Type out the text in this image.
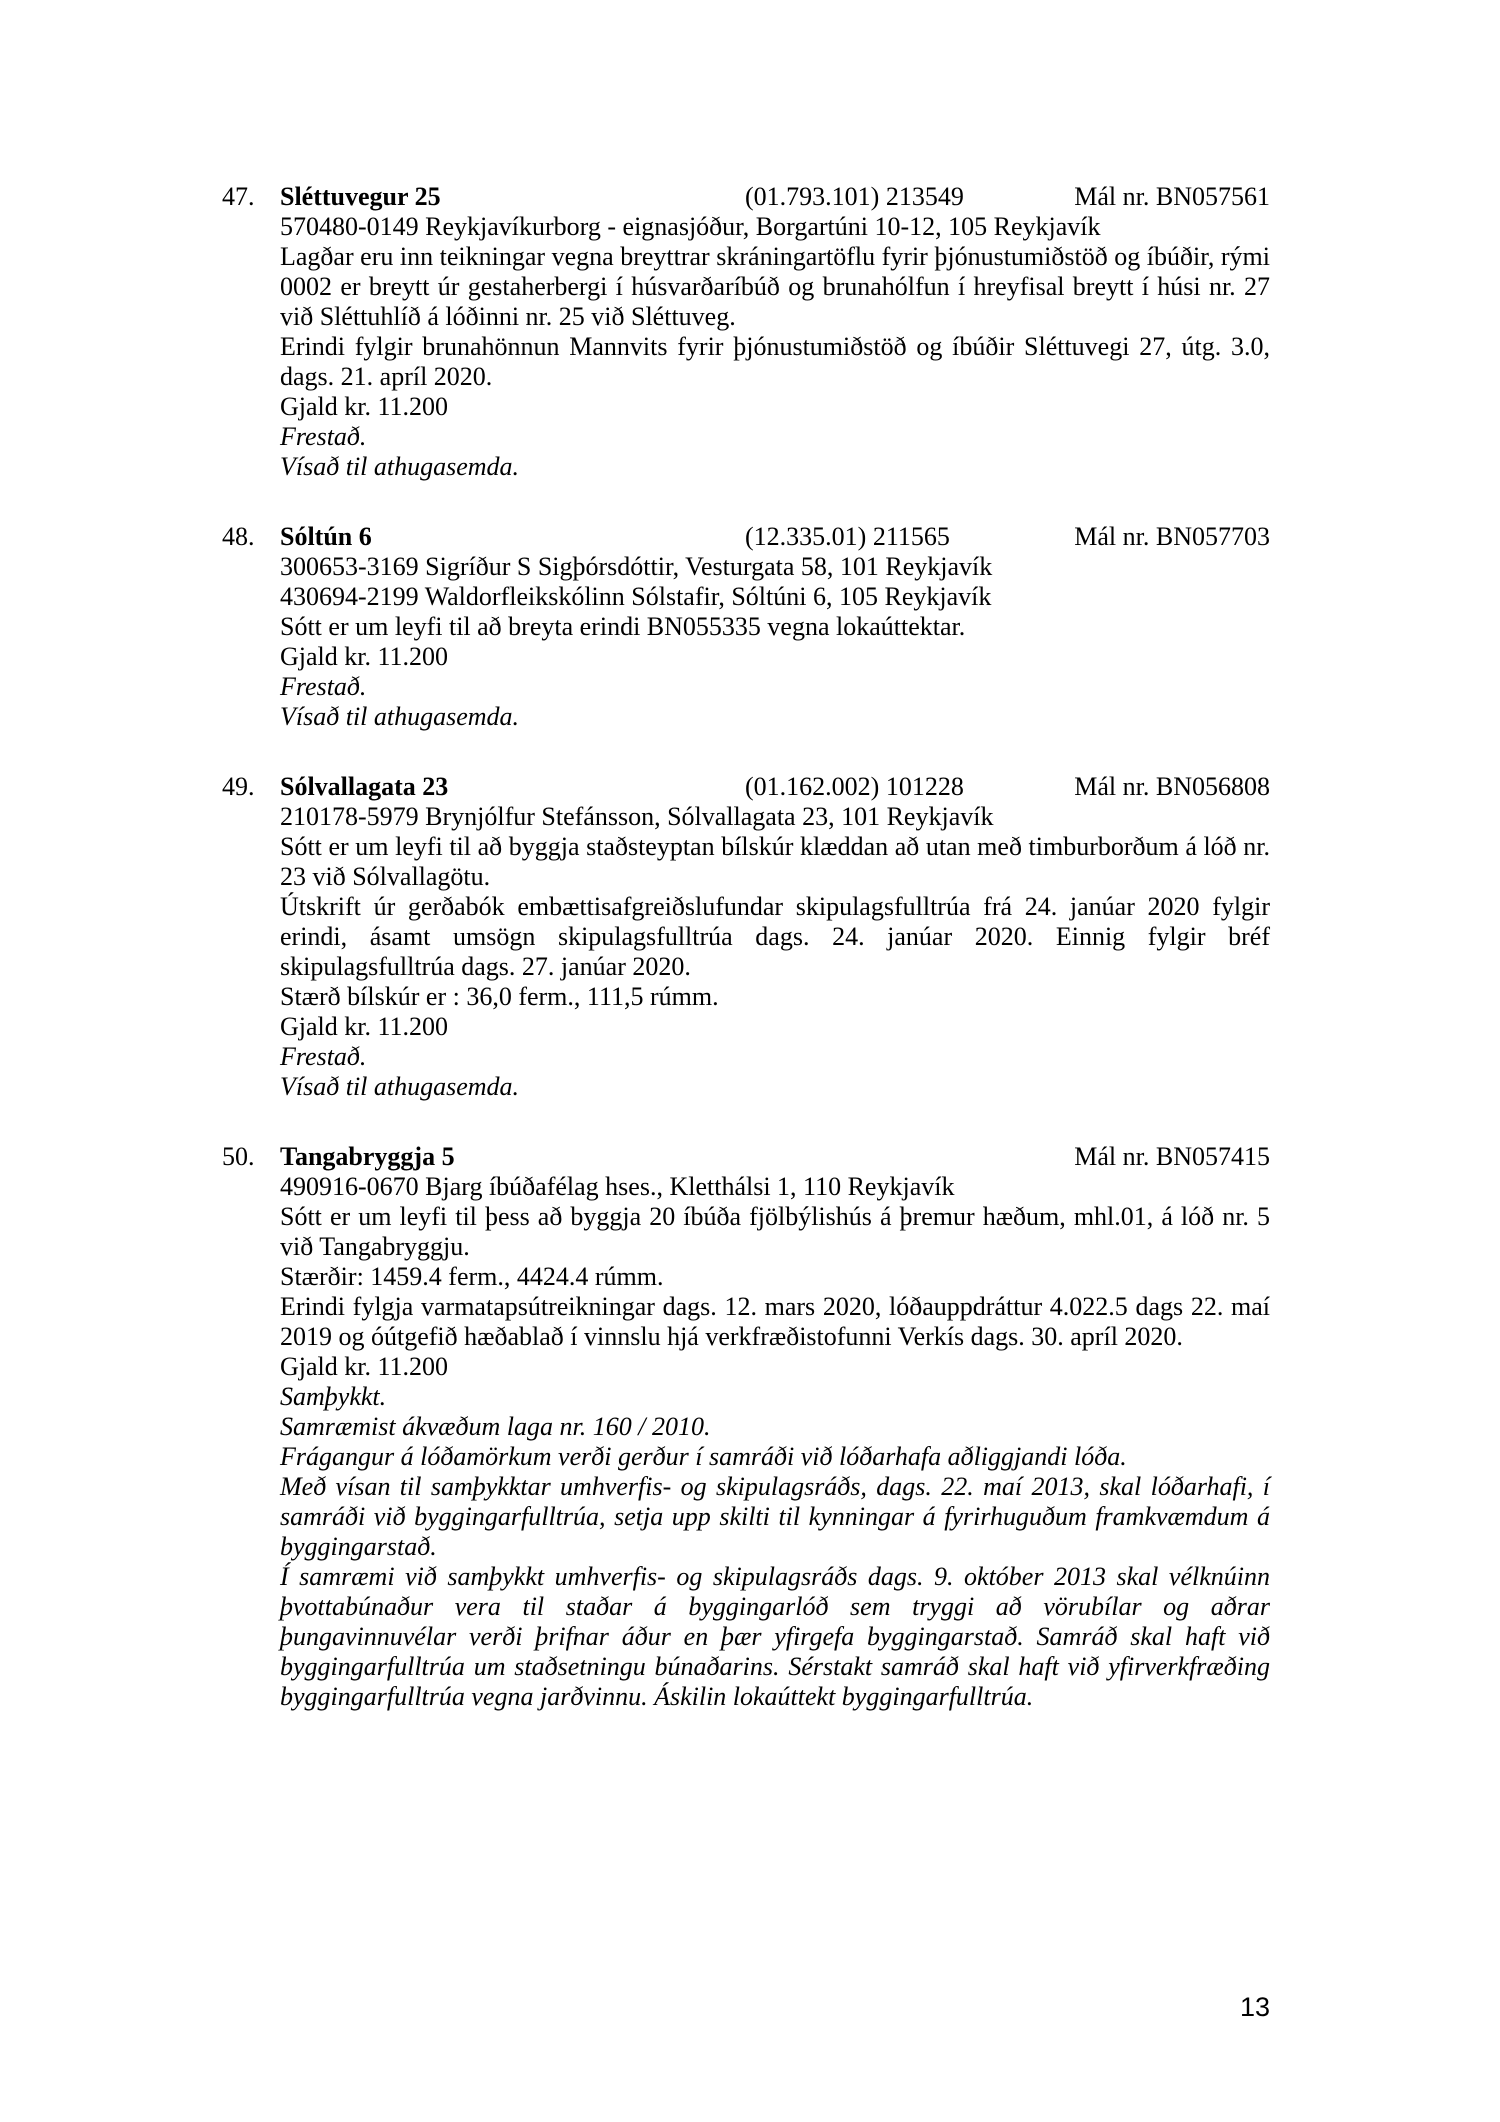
47. Sléttuvegur 25	(01.793.101) 213549	Mál nr. BN057561
570480-0149 Reykjavíkurborg - eignasjóður, Borgartúni 10-12, 105 Reykjavík
Lagðar eru inn teikningar vegna breyttrar skráningartöflu fyrir þjónustumiðstöð og íbúðir, rými 0002 er breytt úr gestaherbergi í húsvarðaríbúð og brunahólfun í hreyfisal breytt í húsi nr. 27 við Sléttuhlíð á lóðinni nr. 25 við Sléttuveg.
Erindi fylgir brunahönnun Mannvits fyrir þjónustumiðstöð og íbúðir Sléttuvegi 27, útg. 3.0, dags. 21. apríl 2020.
Gjald kr. 11.200
Frestað.
Vísað til athugasemda.
48. Sóltún 6	(12.335.01) 211565	Mál nr. BN057703
300653-3169 Sigríður S Sigþórsdóttir, Vesturgata 58, 101 Reykjavík
430694-2199 Waldorfleikskólinn Sólstafir, Sóltúni 6, 105 Reykjavík
Sótt er um leyfi til að breyta erindi BN055335 vegna lokaúttektar.
Gjald kr. 11.200
Frestað.
Vísað til athugasemda.
49. Sólvallagata 23	(01.162.002) 101228	Mál nr. BN056808
210178-5979 Brynjólfur Stefánsson, Sólvallagata 23, 101 Reykjavík
Sótt er um leyfi til að byggja staðsteyptan bílskúr klæddan að utan með timburborðum á lóð nr. 23 við Sólvallagötu.
Útskrift úr gerðabók embættisafgreiðslufundar skipulagsfulltrúa frá 24. janúar 2020 fylgir erindi, ásamt umsögn skipulagsfulltrúa dags. 24. janúar 2020. Einnig fylgir bréf skipulagsfulltrúa dags. 27. janúar 2020.
Stærð bílskúr er : 36,0 ferm., 111,5 rúmm.
Gjald kr. 11.200
Frestað.
Vísað til athugasemda.
50. Tangabryggja 5	Mál nr. BN057415
490916-0670 Bjarg íbúðafélag hses., Kletthálsi 1, 110 Reykjavík
Sótt er um leyfi til þess að byggja 20 íbúða fjölbýlishús á þremur hæðum, mhl.01, á lóð nr. 5 við Tangabryggju.
Stærðir: 1459.4 ferm., 4424.4 rúmm.
Erindi fylgja varmatapsútreikningar dags. 12. mars 2020, lóðauppdráttur 4.022.5 dags 22. maí 2019 og óútgefið hæðablað í vinnslu hjá verkfræðistofunni Verkís dags. 30. apríl 2020.
Gjald kr. 11.200
Samþykkt.
Samræmist ákvæðum laga nr. 160 / 2010.
Frágangur á lóðamörkum verði gerður í samráði við lóðarhafa aðliggjandi lóða.
Með vísan til samþykktar umhverfis- og skipulagsráðs, dags. 22. maí 2013, skal lóðarhafi, í samráði við byggingarfulltrúa, setja upp skilti til kynningar á fyrirhuguðum framkvæmdum á byggingarstað.
Í samræmi við samþykkt umhverfis- og skipulagsráðs dags. 9. október 2013 skal vélknúinn þvottabúnaður vera til staðar á byggingarlóð sem tryggi að vörubílar og aðrar þungavinnuvélar verði þrifnar áður en þær yfirgefa byggingarstað. Samráð skal haft við byggingarfulltrúa um staðsetningu búnaðarins. Sérstakt samráð skal haft við yfirverkfræðing byggingarfulltrúa vegna jarðvinnu. Áskilin lokaúttekt byggingarfulltrúa.
13
